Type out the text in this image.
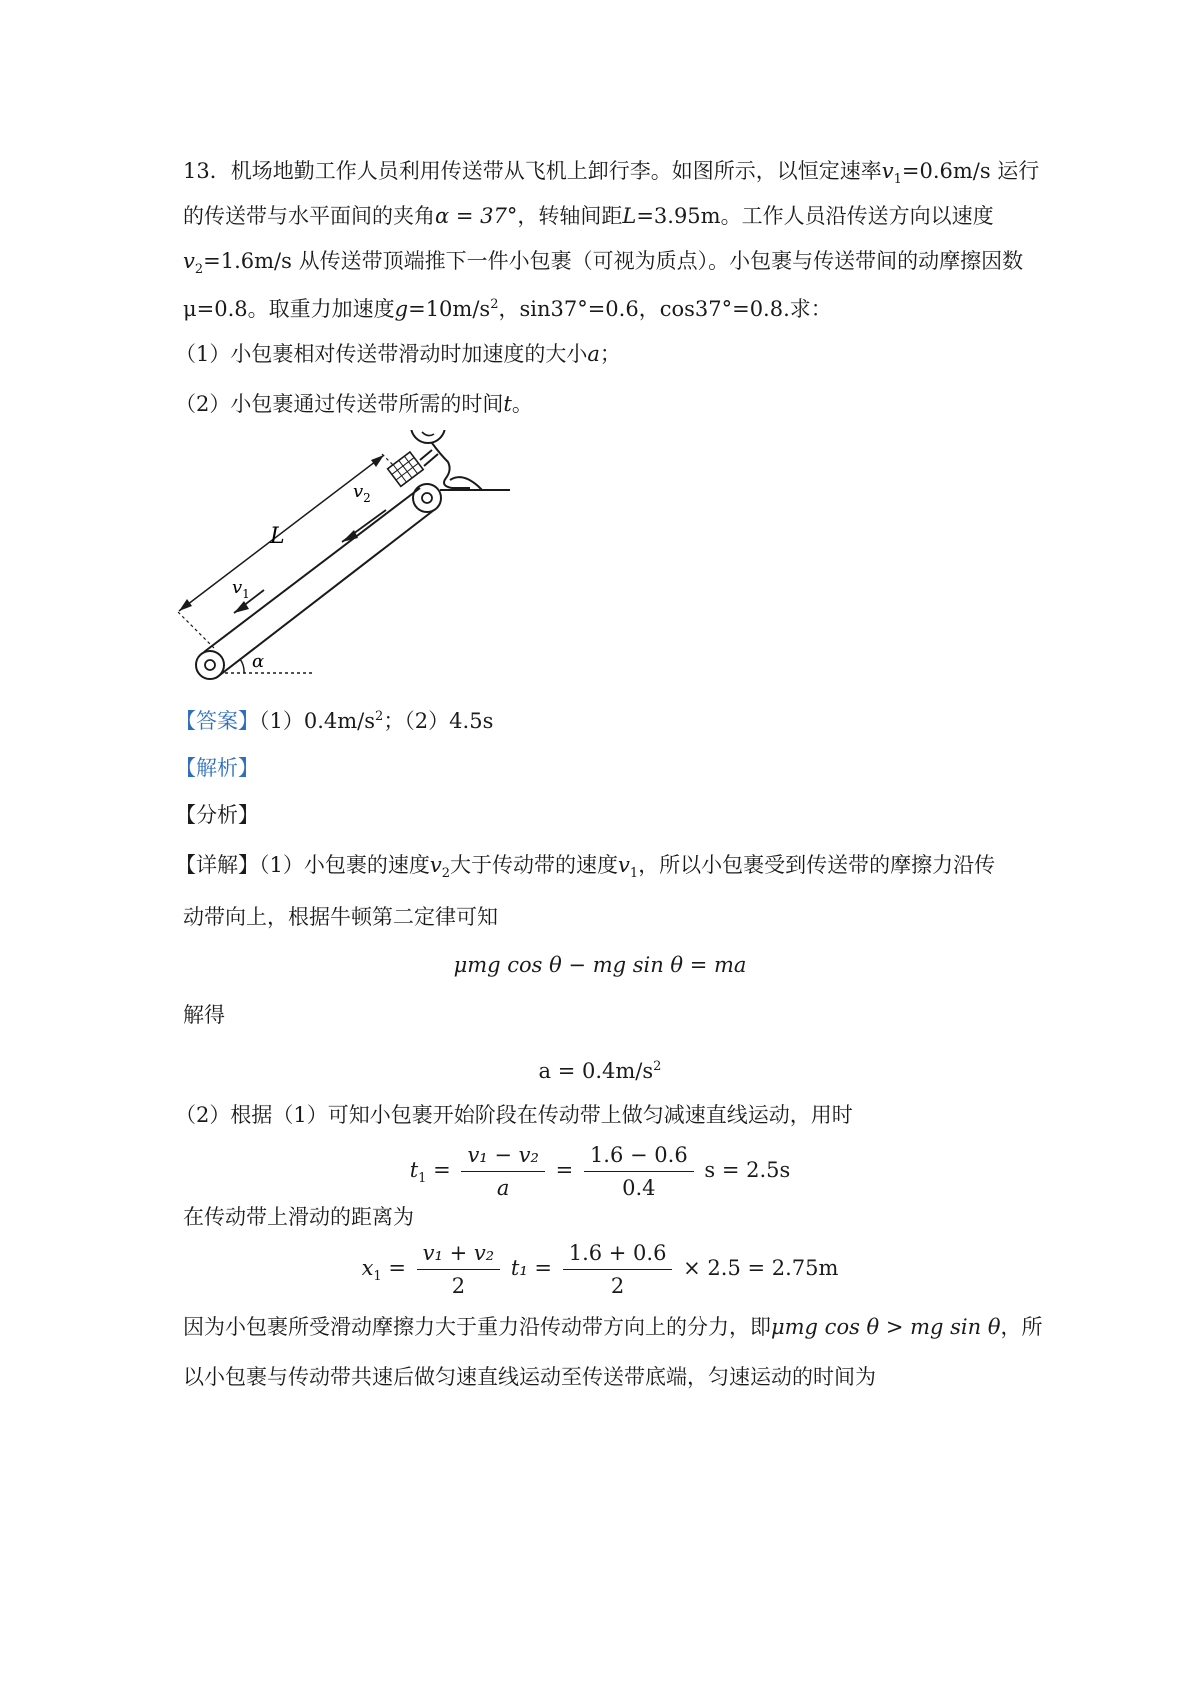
13．机场地勤工作人员利用传送带从飞机上卸行李。如图所示，以恒定速率$v_1=0.6m/s$ 运行
的传送带与水平面间的夹角α = 37°，转轴间距L=3.95m。工作人员沿传送方向以速度
$v_2=1.6m/s$ 从传送带顶端推下一件小包裹（可视为质点）。小包裹与传送带间的动摩擦因数
μ=0.8。取重力加速度$g=10m/s^2$，sin37°=0.6，cos37°=0.8.求：
（1）小包裹相对传送带滑动时加速度的大小a；
（2）小包裹通过传送带所需的时间t。
α
L
$v_2$
$v_1$
【答案】$(1)0.4m/s^2$；（2）4.5s
【解析】
【分析】
【详解】（1）小包裹的速度$v_2$大于传动带的速度$v_1$，所以小包裹受到传送带的摩擦力沿传
动带向上，根据牛顿第二定律可知
μmg cos θ − mg sin θ = ma
解得
$a = 0.4m/s^2$
（2）根据（1）可知小包裹开始阶段在传动带上做匀减速直线运动，用时
$t_1 = \frac{\text{v₁ − v₂}}{a} = \frac{1.6 - 0.6}{0.4}$ s = 2.5s
在传动带上滑动的距离为
$x_1 = \frac{\text{v₁ + v₂}}{2} t_1 = \frac{1.6 + 0.6}{2} \times 2.5 = 2.75m$
因为小包裹所受滑动摩擦力大于重力沿传动带方向上的分力，即μmg cos θ > mg sin θ，所
以小包裹与传动带共速后做匀速直线运动至传送带底端，匀速运动的时间为
